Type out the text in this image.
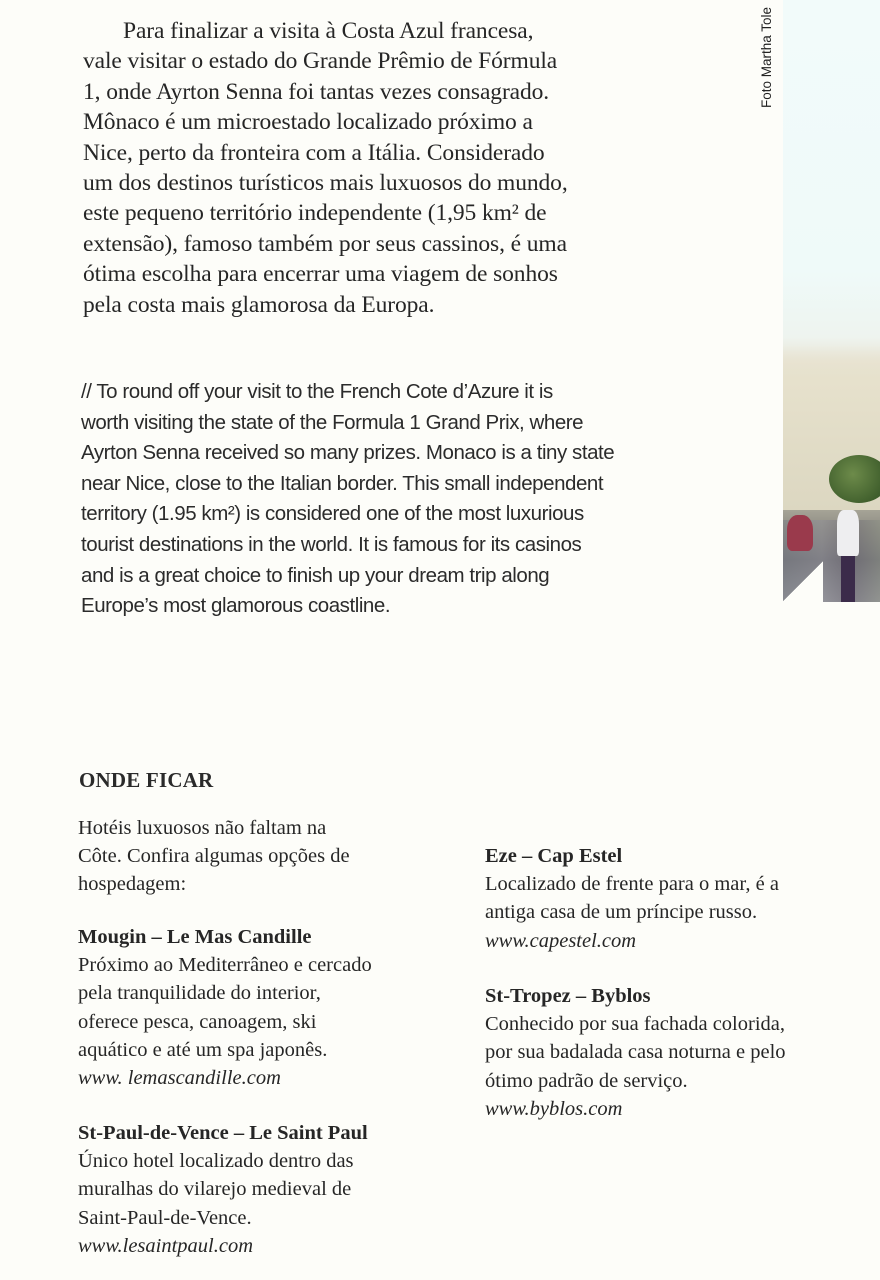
Para finalizar a visita à Costa Azul francesa,
vale visitar o estado do Grande Prêmio de Fórmula
1, onde Ayrton Senna foi tantas vezes consagrado.
Mônaco é um microestado localizado próximo a
Nice, perto da fronteira com a Itália. Considerado
um dos destinos turísticos mais luxuosos do mundo,
este pequeno território independente (1,95 km² de
extensão), famoso também por seus cassinos, é uma
ótima escolha para encerrar uma viagem de sonhos
pela costa mais glamorosa da Europa.
// To round off your visit to the French Cote d’Azure it is
worth visiting the state of the Formula 1 Grand Prix, where
Ayrton Senna received so many prizes. Monaco is a tiny state
near Nice, close to the Italian border. This small independent
territory (1.95 km²) is considered one of the most luxurious
tourist destinations in the world. It is famous for its casinos
and is a great choice to finish up your dream trip along
Europe’s most glamorous coastline.
Foto Martha Tole
ONDE FICAR
Hotéis luxuosos não faltam na
Côte. Confira algumas opções de
hospedagem:
Mougin – Le Mas Candille
Próximo ao Mediterrâneo e cercado
pela tranquilidade do interior,
oferece pesca, canoagem, ski
aquático e até um spa japonês.
www. lemascandille.com
St-Paul-de-Vence – Le Saint Paul
Único hotel localizado dentro das
muralhas do vilarejo medieval de
Saint-Paul-de-Vence.
www.lesaintpaul.com
Eze – Cap Estel
Localizado de frente para o mar, é a
antiga casa de um príncipe russo.
www.capestel.com
St-Tropez – Byblos
Conhecido por sua fachada colorida,
por sua badalada casa noturna e pelo
ótimo padrão de serviço.
www.byblos.com
